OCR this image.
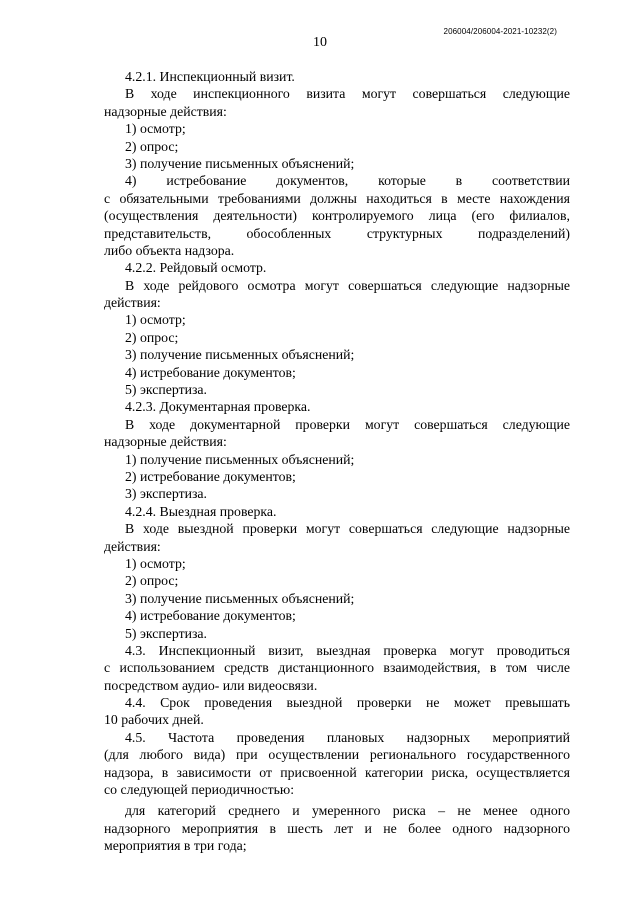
206004/206004-2021-10232(2)
10
4.2.1. Инспекционный визит.
В ходе инспекционного визита могут совершаться следующие
надзорные действия:
1) осмотр;
2) опрос;
3) получение письменных объяснений;
4) истребование документов, которые в соответствии
с обязательными требованиями должны находиться в месте нахождения
(осуществления деятельности) контролируемого лица (его филиалов,
представительств, обособленных структурных подразделений)
либо объекта надзора.
4.2.2. Рейдовый осмотр.
В ходе рейдового осмотра могут совершаться следующие надзорные
действия:
1) осмотр;
2) опрос;
3) получение письменных объяснений;
4) истребование документов;
5) экспертиза.
4.2.3. Документарная проверка.
В ходе документарной проверки могут совершаться следующие
надзорные действия:
1) получение письменных объяснений;
2) истребование документов;
3) экспертиза.
4.2.4. Выездная проверка.
В ходе выездной проверки могут совершаться следующие надзорные
действия:
1) осмотр;
2) опрос;
3) получение письменных объяснений;
4) истребование документов;
5) экспертиза.
4.3. Инспекционный визит, выездная проверка могут проводиться
с использованием средств дистанционного взаимодействия, в том числе
посредством аудио- или видеосвязи.
4.4. Срок проведения выездной проверки не может превышать
10 рабочих дней.
4.5. Частота проведения плановых надзорных мероприятий
(для любого вида) при осуществлении регионального государственного
надзора, в зависимости от присвоенной категории риска, осуществляется
со следующей периодичностью:
для категорий среднего и умеренного риска – не менее одного
надзорного мероприятия в шесть лет и не более одного надзорного
мероприятия в три года;
